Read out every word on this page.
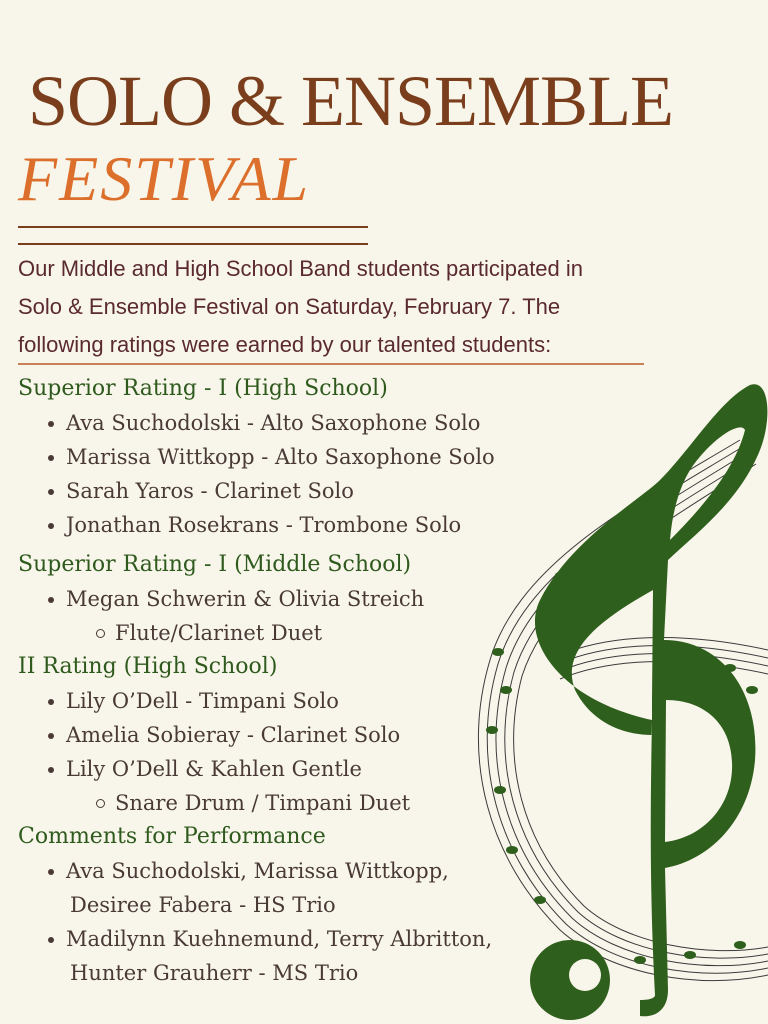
SOLO & ENSEMBLE
FESTIVAL
Our Middle and High School Band students participated in
Solo & Ensemble Festival on Saturday, February 7. The
following ratings were earned by our talented students:
Superior Rating - I (High School)
Ava Suchodolski - Alto Saxophone Solo
Marissa Wittkopp - Alto Saxophone Solo
Sarah Yaros - Clarinet Solo
Jonathan Rosekrans - Trombone Solo
Superior Rating - I (Middle School)
Megan Schwerin & Olivia Streich
Flute/Clarinet Duet
II Rating (High School)
Lily O’Dell - Timpani Solo
Amelia Sobieray - Clarinet Solo
Lily O’Dell & Kahlen Gentle
Snare Drum / Timpani Duet
Comments for Performance
Ava Suchodolski, Marissa Wittkopp,
Desiree Fabera - HS Trio
Madilynn Kuehnemund, Terry Albritton,
Hunter Grauherr - MS Trio
